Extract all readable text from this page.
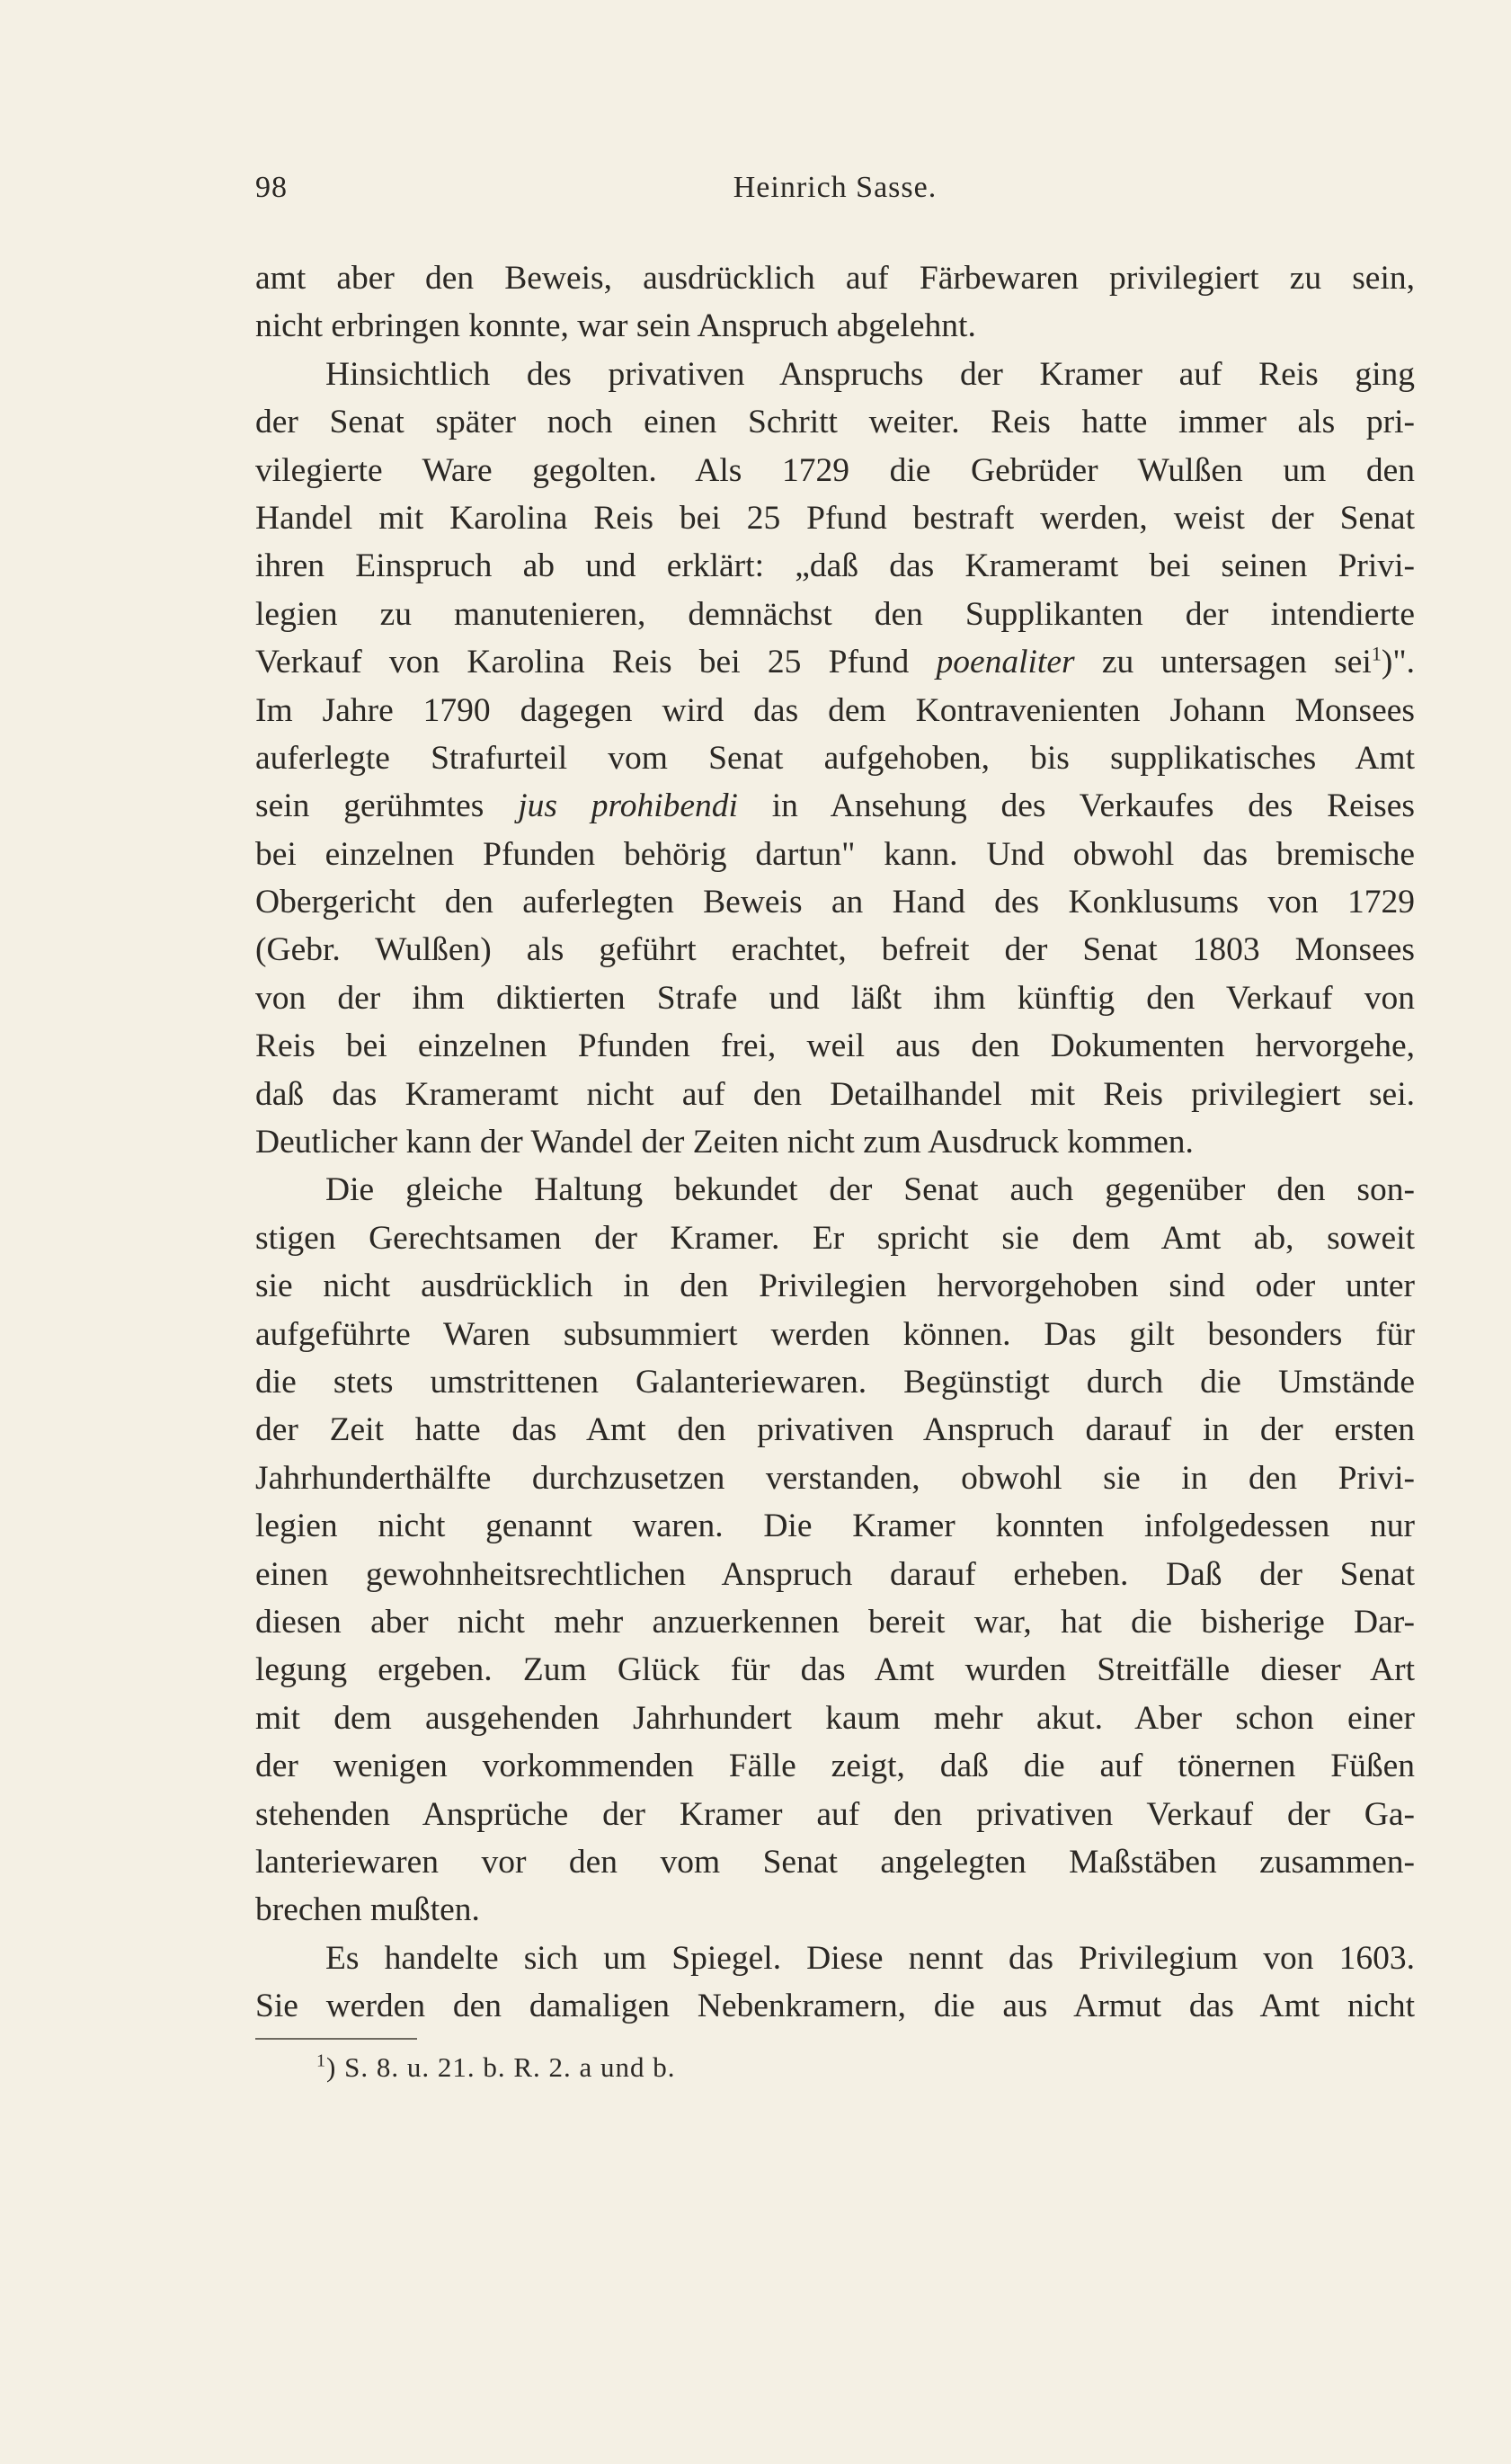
98	Heinrich Sasse.
amt aber den Beweis, ausdrücklich auf Färbewaren privilegiert zu sein,
nicht erbringen konnte, war sein Anspruch abgelehnt.
Hinsichtlich des privativen Anspruchs der Kramer auf Reis ging
der Senat später noch einen Schritt weiter. Reis hatte immer als pri-
vilegierte Ware gegolten. Als 1729 die Gebrüder Wulßen um den
Handel mit Karolina Reis bei 25 Pfund bestraft werden, weist der Senat
ihren Einspruch ab und erklärt: „daß das Krameramt bei seinen Privi-
legien zu manutenieren, demnächst den Supplikanten der intendierte
Verkauf von Karolina Reis bei 25 Pfund poenaliter zu untersagen sei$^1$)".
Im Jahre 1790 dagegen wird das dem Kontravenienten Johann Monsees
auferlegte Strafurteil vom Senat aufgehoben, bis supplikatisches Amt
sein gerühmtes jus prohibendi in Ansehung des Verkaufes des Reises
bei einzelnen Pfunden behörig dartun" kann. Und obwohl das bremische
Obergericht den auferlegten Beweis an Hand des Konklusums von 1729
(Gebr. Wulßen) als geführt erachtet, befreit der Senat 1803 Monsees
von der ihm diktierten Strafe und läßt ihm künftig den Verkauf von
Reis bei einzelnen Pfunden frei, weil aus den Dokumenten hervorgehe,
daß das Krameramt nicht auf den Detailhandel mit Reis privilegiert sei.
Deutlicher kann der Wandel der Zeiten nicht zum Ausdruck kommen.
Die gleiche Haltung bekundet der Senat auch gegenüber den son-
stigen Gerechtsamen der Kramer. Er spricht sie dem Amt ab, soweit
sie nicht ausdrücklich in den Privilegien hervorgehoben sind oder unter
aufgeführte Waren subsummiert werden können. Das gilt besonders für
die stets umstrittenen Galanteriewaren. Begünstigt durch die Umstände
der Zeit hatte das Amt den privativen Anspruch darauf in der ersten
Jahrhunderthälfte durchzusetzen verstanden, obwohl sie in den Privi-
legien nicht genannt waren. Die Kramer konnten infolgedessen nur
einen gewohnheitsrechtlichen Anspruch darauf erheben. Daß der Senat
diesen aber nicht mehr anzuerkennen bereit war, hat die bisherige Dar-
legung ergeben. Zum Glück für das Amt wurden Streitfälle dieser Art
mit dem ausgehenden Jahrhundert kaum mehr akut. Aber schon einer
der wenigen vorkommenden Fälle zeigt, daß die auf tönernen Füßen
stehenden Ansprüche der Kramer auf den privativen Verkauf der Ga-
lanteriewaren vor den vom Senat angelegten Maßstäben zusammen-
brechen mußten.
Es handelte sich um Spiegel. Diese nennt das Privilegium von 1603.
Sie werden den damaligen Nebenkramern, die aus Armut das Amt nicht
$^1$) S. 8. u. 21. b. R. 2. a und b.
